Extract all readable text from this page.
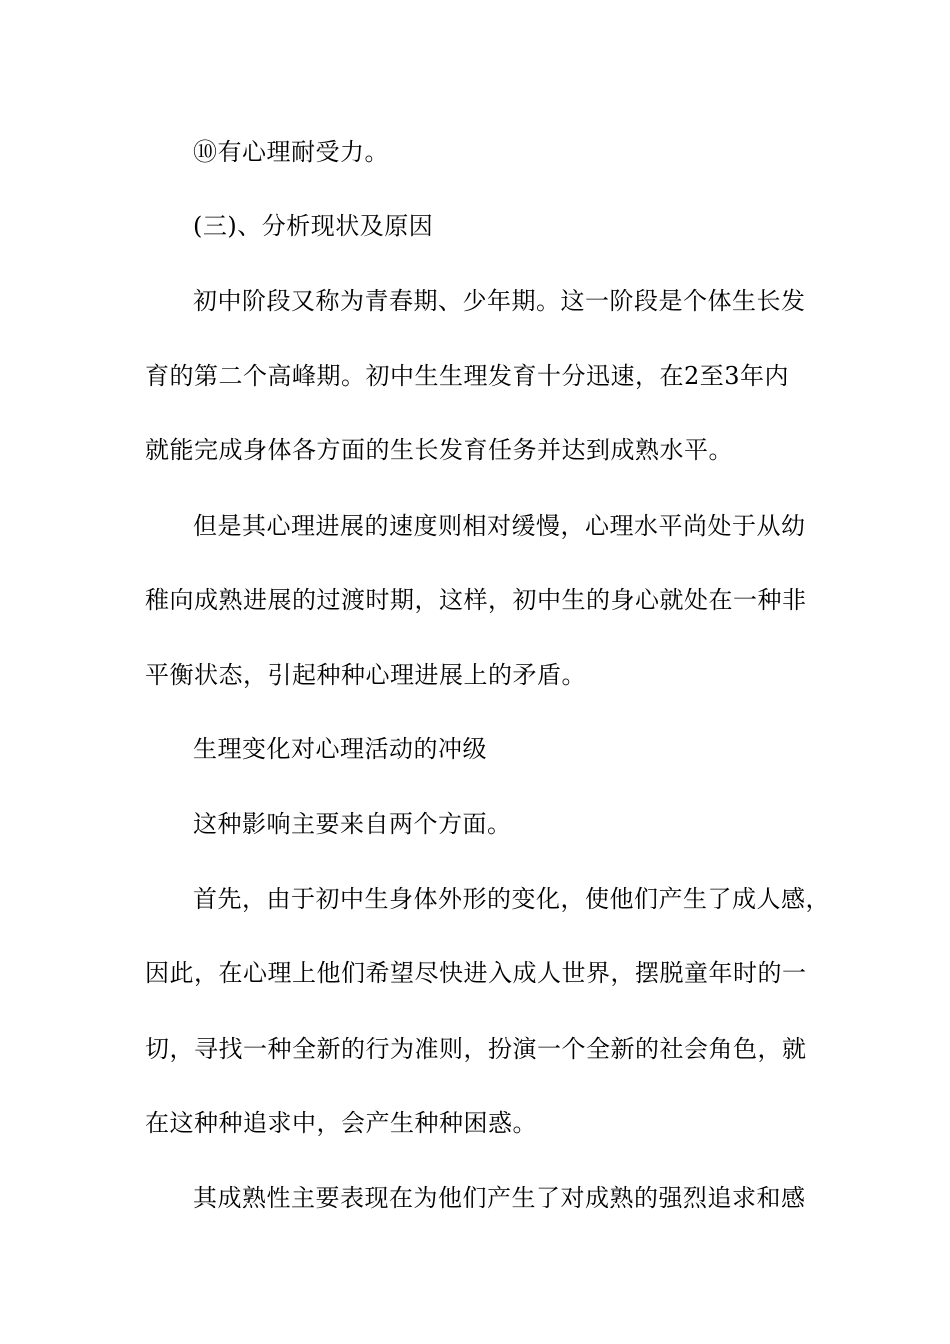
⑩有心理耐受力。
(三)、分析现状及原因
初中阶段又称为青春期、少年期。这一阶段是个体生长发
育的第二个高峰期。初中生生理发育十分迅速，在2至3年内
就能完成身体各方面的生长发育任务并达到成熟水平。
但是其心理进展的速度则相对缓慢，心理水平尚处于从幼
稚向成熟进展的过渡时期，这样，初中生的身心就处在一种非
平衡状态，引起种种心理进展上的矛盾。
生理变化对心理活动的冲级
这种影响主要来自两个方面。
首先，由于初中生身体外形的变化，使他们产生了成人感，
因此，在心理上他们希望尽快进入成人世界，摆脱童年时的一
切，寻找一种全新的行为准则，扮演一个全新的社会角色，就
在这种种追求中，会产生种种困惑。
其成熟性主要表现在为他们产生了对成熟的强烈追求和感
